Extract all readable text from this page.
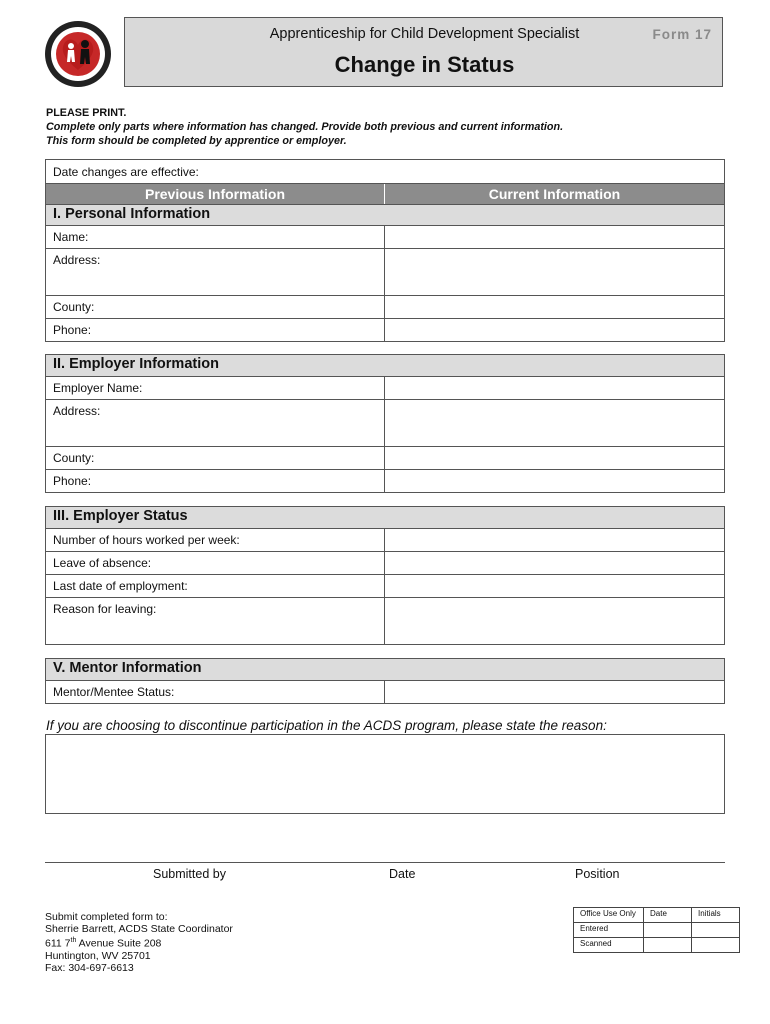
Apprenticeship for Child Development Specialist
Change in Status
Form 17
PLEASE PRINT.
Complete only parts where information has changed. Provide both previous and current information.
This form should be completed by apprentice or employer.
Date changes are effective:
Previous Information	Current Information
I. Personal Information
Name:
Address:
County:
Phone:
II. Employer Information
Employer Name:
Address:
County:
Phone:
III. Employer Status
Number of hours worked per week:
Leave of absence:
Last date of employment:
Reason for leaving:
V. Mentor Information
Mentor/Mentee Status:
If you are choosing to discontinue participation in the ACDS program, please state the reason:
Submitted by	Date	Position
Submit completed form to:
Sherrie Barrett, ACDS State Coordinator
611 7th Avenue Suite 208
Huntington, WV 25701
Fax: 304-697-6613
Office Use Only	Date	Initials
Entered		
Scanned		
